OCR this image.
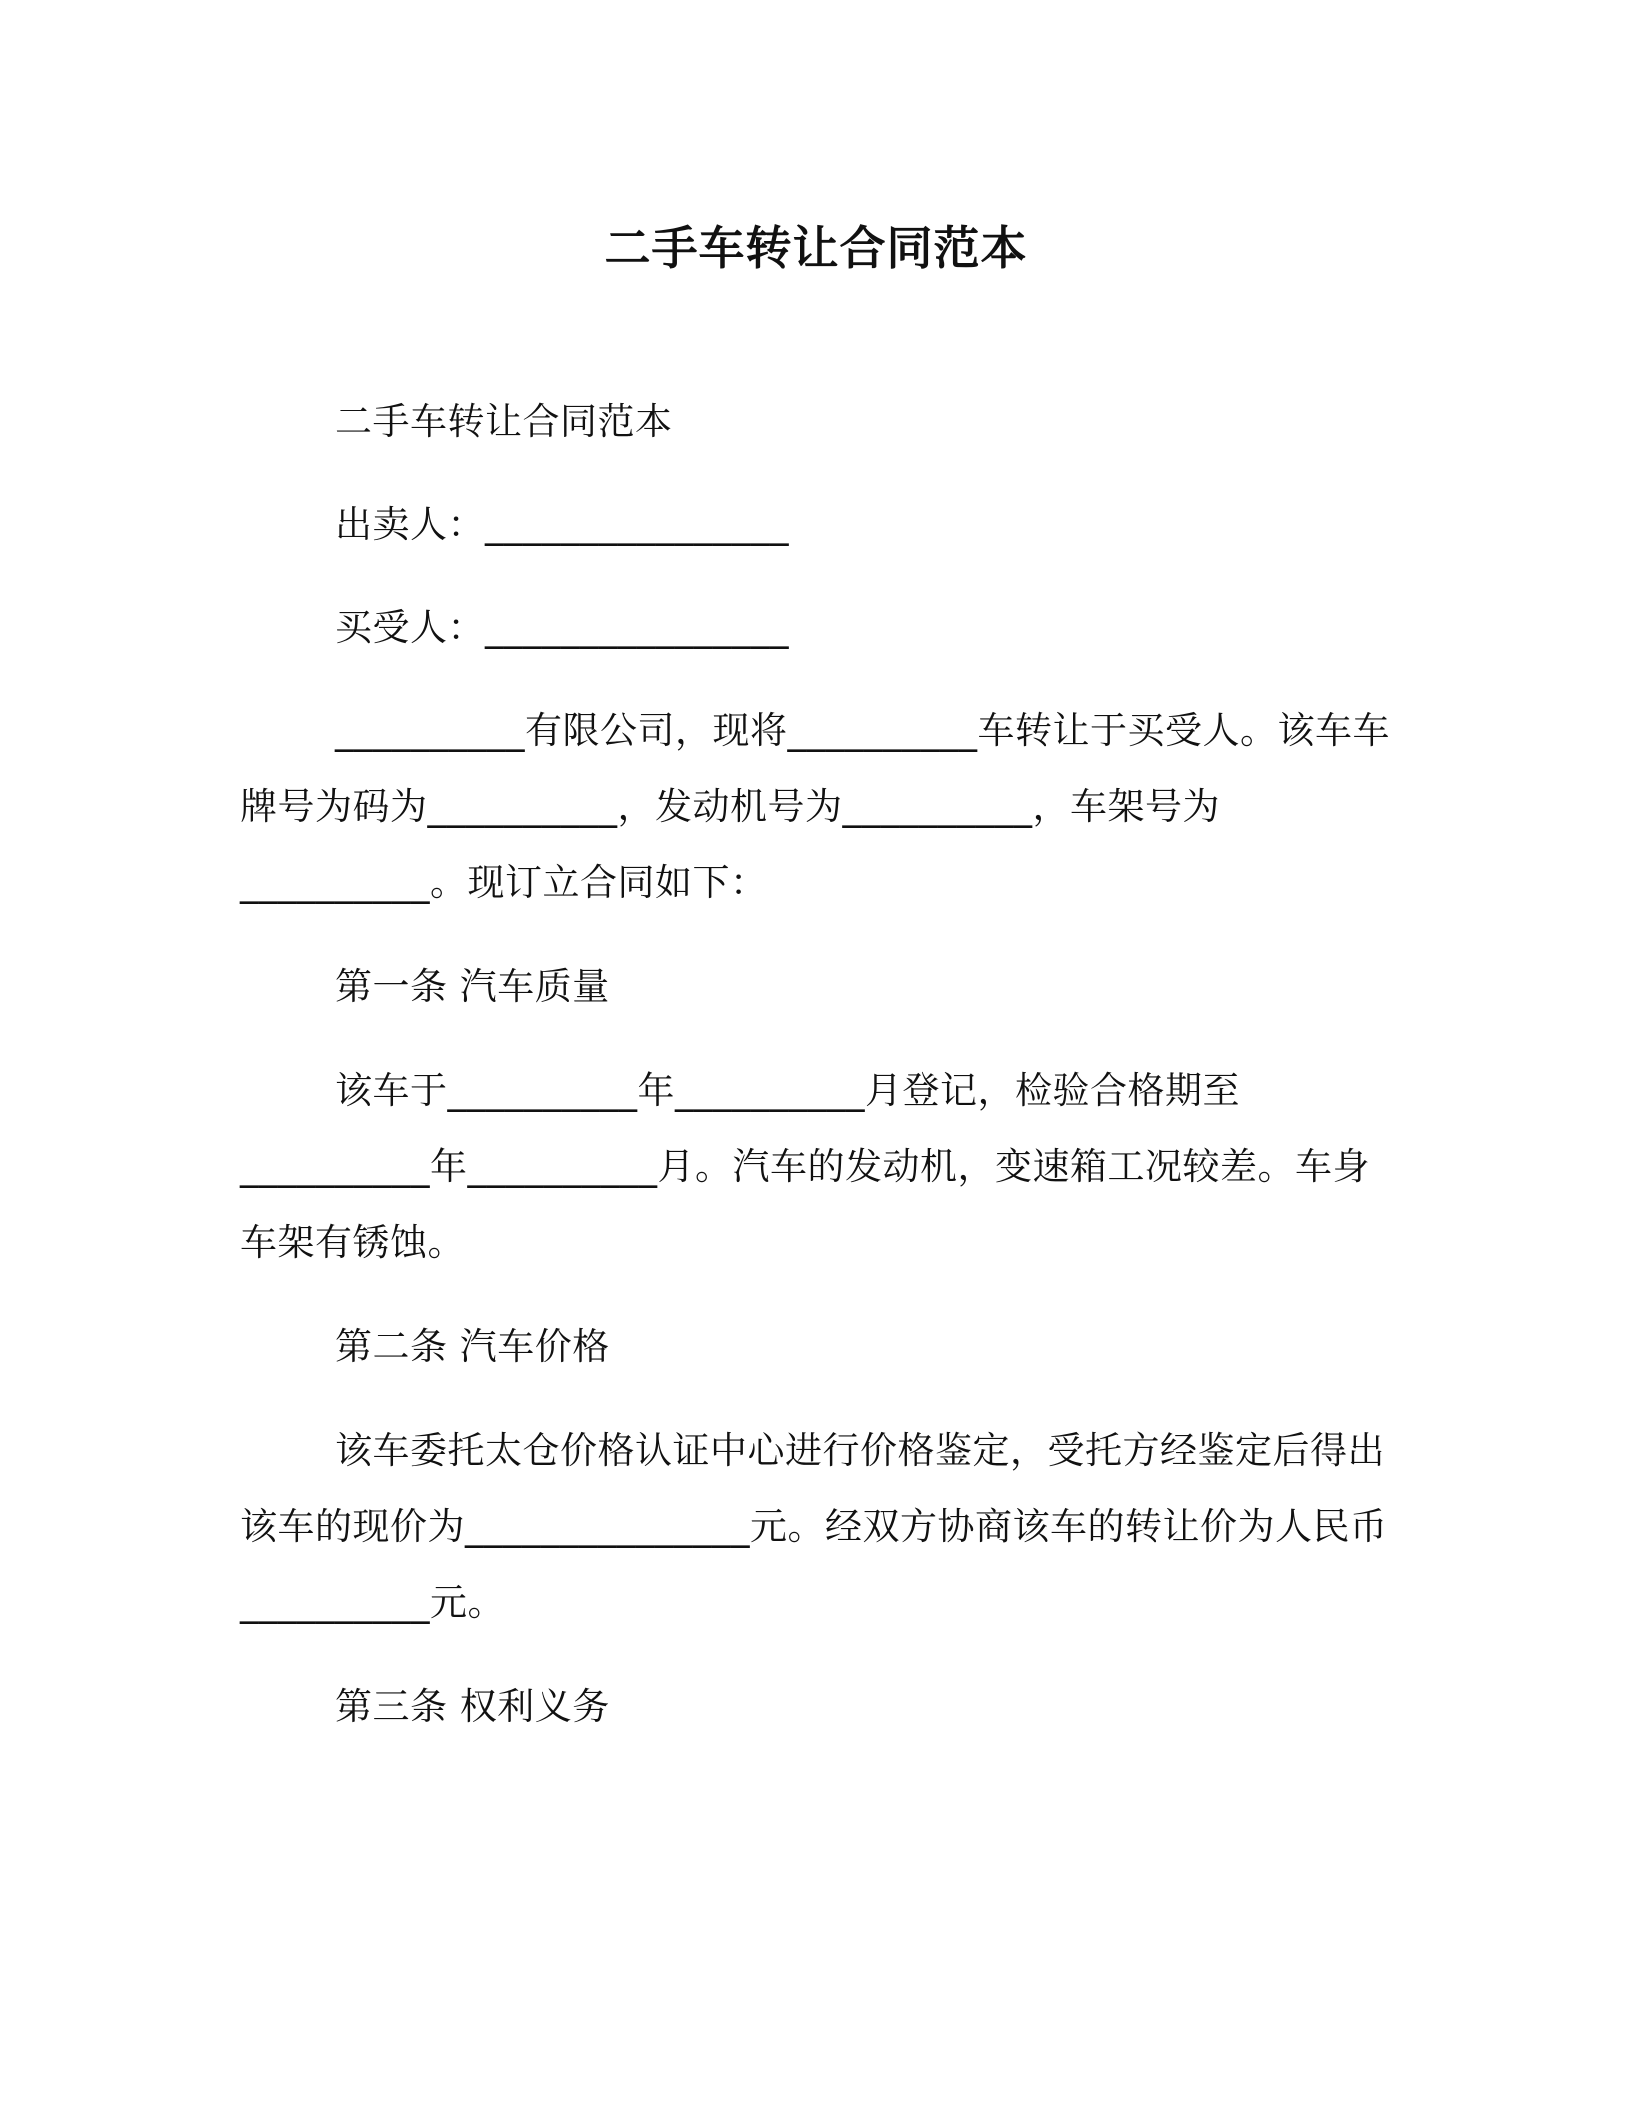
二手车转让合同范本
二手车转让合同范本
出卖人：________________
买受人：________________
__________有限公司，现将__________车转让于买受人。该车车
牌号为码为__________，发动机号为__________，车架号为
__________。现订立合同如下：
第一条 汽车质量
该车于__________年__________月登记，检验合格期至
__________年__________月。汽车的发动机，变速箱工况较差。车身
车架有锈蚀。
第二条 汽车价格
该车委托太仓价格认证中心进行价格鉴定，受托方经鉴定后得出
该车的现价为_______________元。经双方协商该车的转让价为人民币
__________元。
第三条 权利义务
